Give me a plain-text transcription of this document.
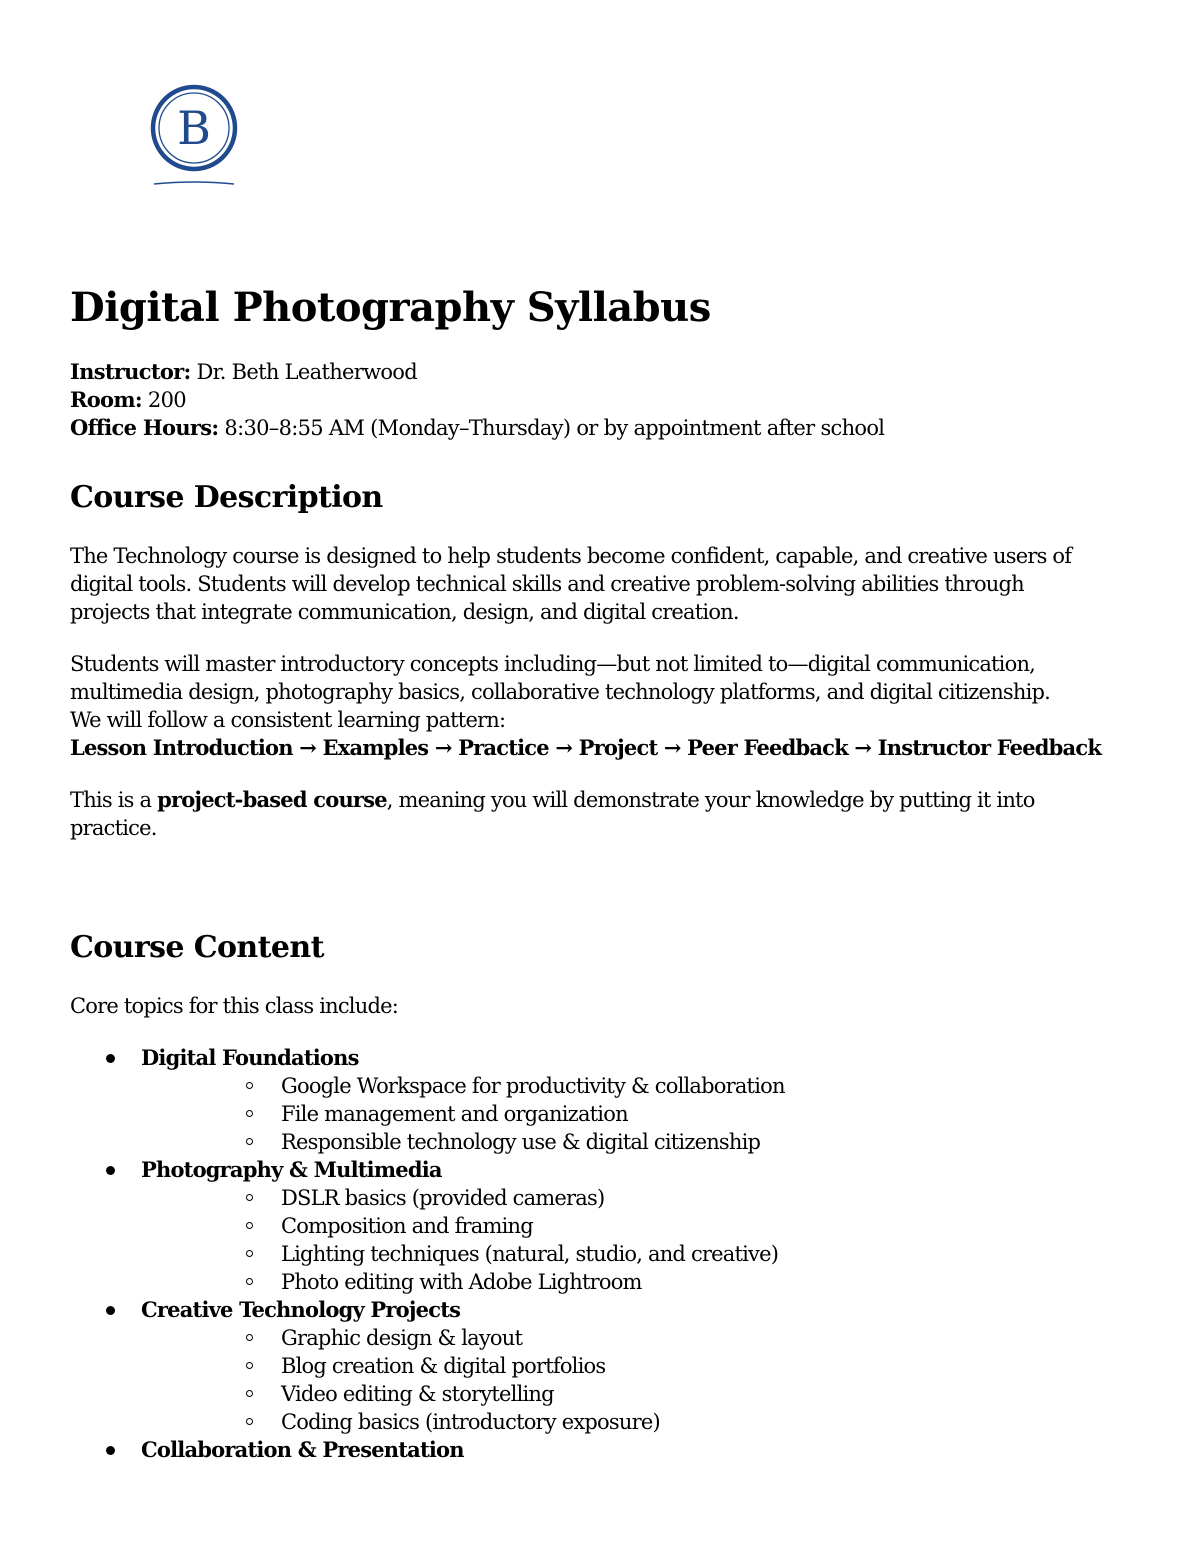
B
Digital Photography Syllabus
Instructor: Dr. Beth Leatherwood
Room: 200
Office Hours: 8:30–8:55 AM (Monday–Thursday) or by appointment after school
Course Description

The Technology course is designed to help students become confident, capable, and creative users of
digital tools. Students will develop technical skills and creative problem-solving abilities through
projects that integrate communication, design, and digital creation.

Students will master introductory concepts including—but not limited to—digital communication,
multimedia design, photography basics, collaborative technology platforms, and digital citizenship.
We will follow a consistent learning pattern:
Lesson Introduction → Examples → Practice → Project → Peer Feedback → Instructor Feedback

This is a project-based course, meaning you will demonstrate your knowledge by putting it into
practice.

Course Content

Core topics for this class include:

Digital Foundations
Google Workspace for productivity & collaboration
File management and organization
Responsible technology use & digital citizenship
Photography & Multimedia
DSLR basics (provided cameras)
Composition and framing
Lighting techniques (natural, studio, and creative)
Photo editing with Adobe Lightroom
Creative Technology Projects
Graphic design & layout
Blog creation & digital portfolios
Video editing & storytelling
Coding basics (introductory exposure)
Collaboration & Presentation
